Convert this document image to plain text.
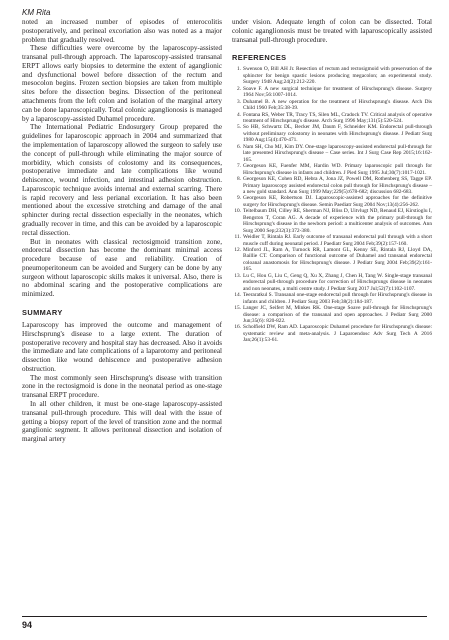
KM Rita

noted an increased number of episodes of enterocolitis postoperatively, and perineal excoriation also was noted as a major problem that gradually resolved.

These difficulties were overcome by the laparoscopy-assisted transanal pull-through approach. The laparoscopy-assisted transanal ERPT allows early biopsies to determine the extent of aganglionic and dysfunctional bowel before dissection of the rectum and mesocolon begins. Frozen section biopsies are taken from multiple sites before the dissection begins. Dissection of the peritoneal attachments from the left colon and isolation of the marginal artery can be done laparoscopically. Total colonic aganglionosis is managed by a laparoscopy-assisted Duhamel procedure.

The International Pediatric Endosurgery Group prepared the guidelines for laparoscopic approach in 2004 and summarized that the implementation of laparoscopy allowed the surgeon to safely use the concept of pull-through while eliminating the major source of morbidity, which consists of colostomy and its consequences, postoperative immediate and late complications like wound dehiscence, wound infection, and intestinal adhesion obstruction. Laparoscopic technique avoids internal and external scarring. There is rapid recovery and less perianal excoriation. It has also been mentioned about the excessive stretching and damage of the anal sphincter during rectal dissection especially in the neonates, which gradually recover in time, and this can be avoided by a laparoscopic rectal dissection.

But in neonates with classical rectosigmoid transition zone, endorectal dissection has become the dominant minimal access procedure because of ease and reliability. Creation of pneumoperitoneum can be avoided and Surgery can be done by any surgeon without laparoscopic skills makes it universal. Also, there is no abdominal scaring and the postoperative complications are minimized.

SUMMARY

Laparoscopy has improved the outcome and management of Hirschsprung's disease to a large extent. The duration of postoperative recovery and hospital stay has decreased. Also it avoids the immediate and late complications of a laparotomy and peritoneal dissection like wound dehiscence and postoperative adhesion obstruction.

The most commonly seen Hirschsprung's disease with transition zone in the rectosigmoid is done in the neonatal period as one-stage transanal ERPT procedure.

In all other children, it must be one-stage laparoscopy-assisted transanal pull-through procedure. This will deal with the issue of getting a biopsy report of the level of transition zone and the normal ganglionic segment. It allows peritoneal dissection and isolation of marginal artery

under vision. Adequate length of colon can be dissected. Total colonic aganglionosis must be treated with laparoscopically assisted transanal pull-through procedure.

REFERENCES
1. Swenson O, Bill AH Jr. Resection of rectum and rectosigmoid with preservation of the sphincter for benign spastic lesions producing megacolon; an experimental study. Surgery 1948 Aug;24(2):212-220.
2. Soave F. A new surgical technique for treatment of Hirschsprung's disease. Surgery 1964 Nov;56:1007-1014.
3. Duhamel B. A new operation for the treatment of Hirschsprung's disease. Arch Dis Child 1960 Feb;35:38-39.
4. Fontana RS, Weber TR, Tracy TS, Silen ML, Cradock TV. Critical analysis of operative treatment of Hirschsprung's disease. Arch Surg 1996 May;131(5):520-524.
5. So HB, Schwartz DL, Becker JM, Daum F, Schneider KM. Endorectal pull-through without preliminary colostomy in neonates with Hirschsprung's disease. J Pediatr Surg 1980 Aug;15(4):470-471.
6. Nam SH, Cho MJ, Kim DY. One-stage laparoscopy-assisted endorectal pull-through for late presented Hirschsprung's disease – Case series. Int J Surg Case Rep 2015;16:162-165.
7. Georgeson KE, Fuenfer MM, Hardin WD. Primary laparoscopic pull through for Hirschsprung's disease in infants and children. J Pied Surg 1995 Jul;30(7):1017-1021.
8. Georgeson KE, Cohen RD, Hebra A, Jona JZ, Powell DM, Rothenberg SS, Tagge EP. Primary laparoscopy assisted endorectal colon pull through for Hirschsprung's disease – a new gold standard. Ann Surg 1999 May;229(5):678-682; discussion 682-683.
9. Georgeson KE, Robertson DJ. Laparoscopic-assisted approaches for the definitive surgery for Hirschsprung's disease. Semin Paediatr Surg 2004 Nov;13(4):256-262.
10. Teitelbaum DH, Cilley RE, Sherman NJ, Bliss D, Uitvlugt ND, Renaud EJ, Kirstioglu I, Bengston T, Coran AG. A decade of experience with the primary pull-through for Hirschsprung's disease in the newborn period: a multicenter analysis of outcomes. Ann Surg 2000 Sep;232(3):372-380.
11. Weidler T, Rintala RJ. Early outcome of transanal endorectal pull through with a short muscle cuff during neonatal period. J Paediatr Surg 2004 Feb;39(2):157-160.
12. Minford JL, Ram A, Turnock RR, Lamont GL, Kenny SE, Rintala RJ, Lloyd DA, Baillie CT. Comparison of functional outcome of Duhamel and transanal endorectal coloanal anastomosis for Hirschsprung's disease. J Pediatr Surg 2004 Feb;39(2):161-165.
13. Lu C, Hou G, Liu C, Geng Q, Xu X, Zhang J, Chen H, Tang W. Single-stage transanal endorectal pull-through procedure for correction of Hirschsprungs disease in neonates and non neonates, a multi centre study. J Pediatr Surg 2017 Jul;52(7):1102-1107.
14. Teeraratkul S. Transanal one-stage endorectal pull through for Hirschsprung's disease in infants and children. J Pediatr Surg 2003 Feb;38(2):184-187.
15. Langer JC, Seifert M, Minkes RK. One-stage Soave pull-through for Hirschsprung's disease: a comparison of the transanal and open approaches. J Pediatr Surg 2000 Jun;35(6): 820-822.
16. Scholfield DW, Ram AD. Laparoscopic Duhamel procedure for Hirschsprung's disease: systematic review and meta-analysis. J Laparoendosc Adv Surg Tech A 2016 Jan;26(1):53-61.
94
